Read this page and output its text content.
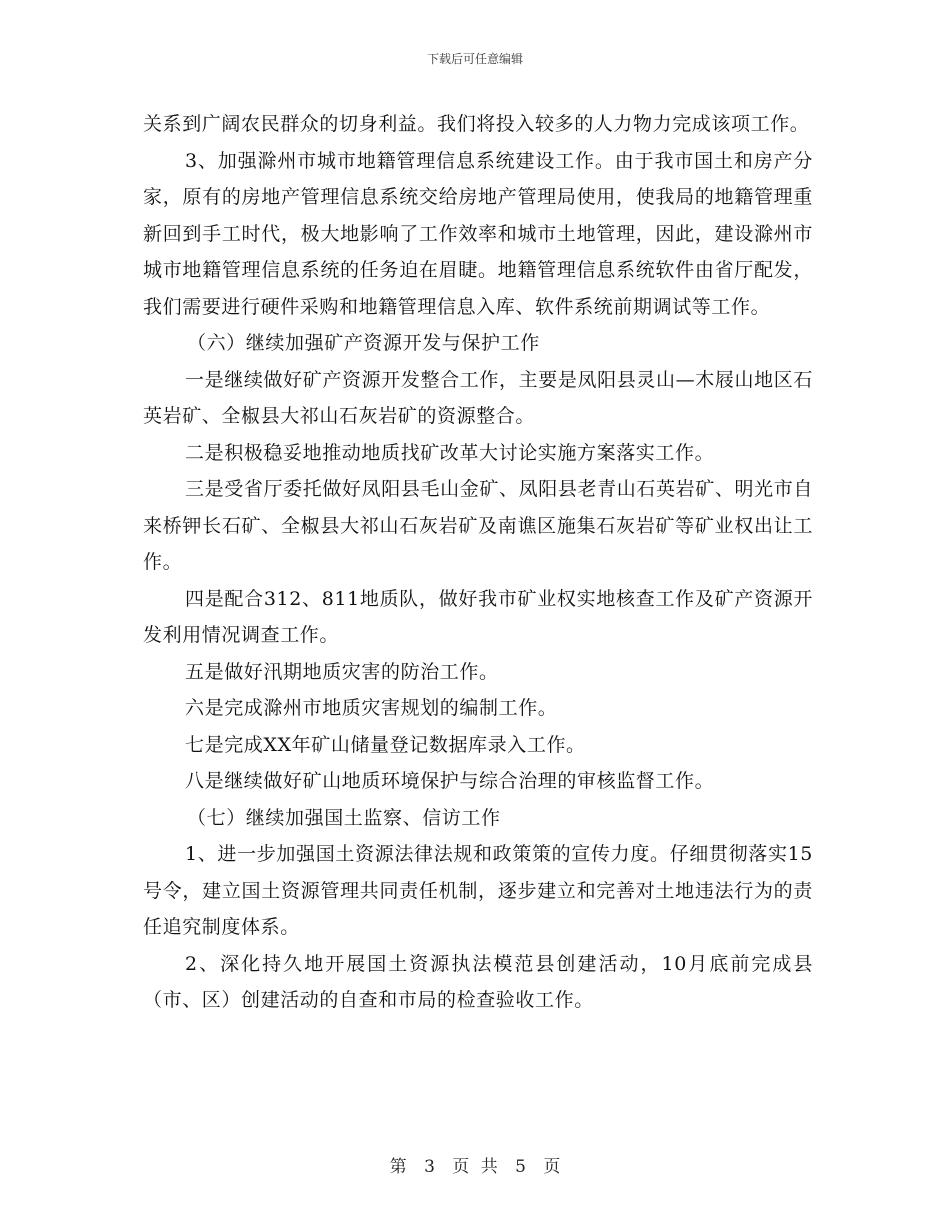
下载后可任意编辑

关系到广阔农民群众的切身利益。我们将投入较多的人力物力完成该项工作。

3、加强滁州市城市地籍管理信息系统建设工作。由于我市国土和房产分家，原有的房地产管理信息系统交给房地产管理局使用，使我局的地籍管理重新回到手工时代，极大地影响了工作效率和城市土地管理，因此，建设滁州市城市地籍管理信息系统的任务迫在眉睫。地籍管理信息系统软件由省厅配发，我们需要进行硬件采购和地籍管理信息入库、软件系统前期调试等工作。

（六）继续加强矿产资源开发与保护工作

一是继续做好矿产资源开发整合工作，主要是凤阳县灵山—木屐山地区石英岩矿、全椒县大祁山石灰岩矿的资源整合。

二是积极稳妥地推动地质找矿改革大讨论实施方案落实工作。

三是受省厅委托做好凤阳县毛山金矿、凤阳县老青山石英岩矿、明光市自来桥钾长石矿、全椒县大祁山石灰岩矿及南谯区施集石灰岩矿等矿业权出让工作。

四是配合312、811地质队，做好我市矿业权实地核查工作及矿产资源开发利用情况调查工作。

五是做好汛期地质灾害的防治工作。

六是完成滁州市地质灾害规划的编制工作。

七是完成XX年矿山储量登记数据库录入工作。

八是继续做好矿山地质环境保护与综合治理的审核监督工作。

（七）继续加强国土监察、信访工作

1、进一步加强国土资源法律法规和政策策的宣传力度。仔细贯彻落实15号令，建立国土资源管理共同责任机制，逐步建立和完善对土地违法行为的责任追究制度体系。

2、深化持久地开展国土资源执法模范县创建活动，10月底前完成县（市、区）创建活动的自查和市局的检查验收工作。

第 3 页 共 5 页
